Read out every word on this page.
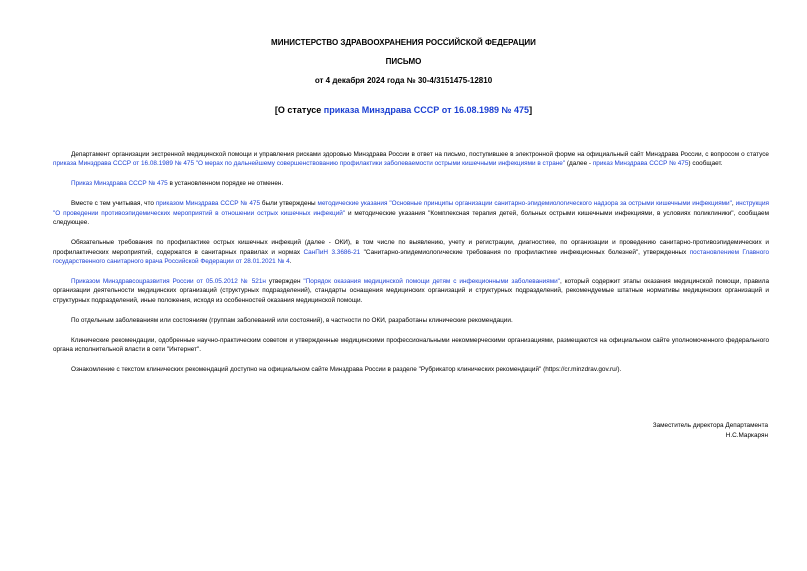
МИНИСТЕРСТВО ЗДРАВООХРАНЕНИЯ РОССИЙСКОЙ ФЕДЕРАЦИИ
ПИСЬМО
от 4 декабря 2024 года № 30-4/3151475-12810
[О статусе приказа Минздрава СССР от 16.08.1989 № 475]

Департамент организации экстренной медицинской помощи и управления рисками здоровью Минздрава России в ответ на письмо, поступившее в электронной форме на официальный сайт Минздрава России, с вопросом о статусе приказа Минздрава СССР от 16.08.1989 № 475 "О мерах по дальнейшему совершенствованию профилактики заболеваемости острыми кишечными инфекциями в стране" (далее - приказ Минздрава СССР № 475) сообщает.

Приказ Минздрава СССР № 475 в установленном порядке не отменен.

Вместе с тем учитывая, что приказом Минздрава СССР № 475 были утверждены методические указания "Основные принципы организации санитарно-эпидемиологического надзора за острыми кишечными инфекциями", инструкция "О проведении противоэпидемических мероприятий в отношении острых кишечных инфекций" и методические указания "Комплексная терапия детей, больных острыми кишечными инфекциями, в условиях поликлиники", сообщаем следующее.

Обязательные требования по профилактике острых кишечных инфекций (далее - ОКИ), в том числе по выявлению, учету и регистрации, диагностике, по организации и проведению санитарно-противоэпидемических и профилактических мероприятий, содержатся в санитарных правилах и нормах СанПиН 3.3686-21 "Санитарно-эпидемиологические требования по профилактике инфекционных болезней", утвержденных постановлением Главного государственного санитарного врача Российской Федерации от 28.01.2021 № 4.

Приказом Минздравсоцразвития России от 05.05.2012 № 521н утвержден "Порядок оказания медицинской помощи детям с инфекционными заболеваниями", который содержит этапы оказания медицинской помощи, правила организации деятельности медицинских организаций (структурных подразделений), стандарты оснащения медицинских организаций и структурных подразделений, рекомендуемые штатные нормативы медицинских организаций и структурных подразделений, иные положения, исходя из особенностей оказания медицинской помощи.

По отдельным заболеваниям или состояниям (группам заболеваний или состояний), в частности по ОКИ, разработаны клинические рекомендации.

Клинические рекомендации, одобренные научно-практическим советом и утвержденные медицинскими профессиональными некоммерческими организациями, размещаются на официальном сайте уполномоченного федерального органа исполнительной власти в сети "Интернет".

Ознакомление с текстом клинических рекомендаций доступно на официальном сайте Минздрава России в разделе "Рубрикатор клинических рекомендаций" (https://cr.minzdrav.gov.ru/).

Заместитель директора Департамента
Н.С.Маркарян
